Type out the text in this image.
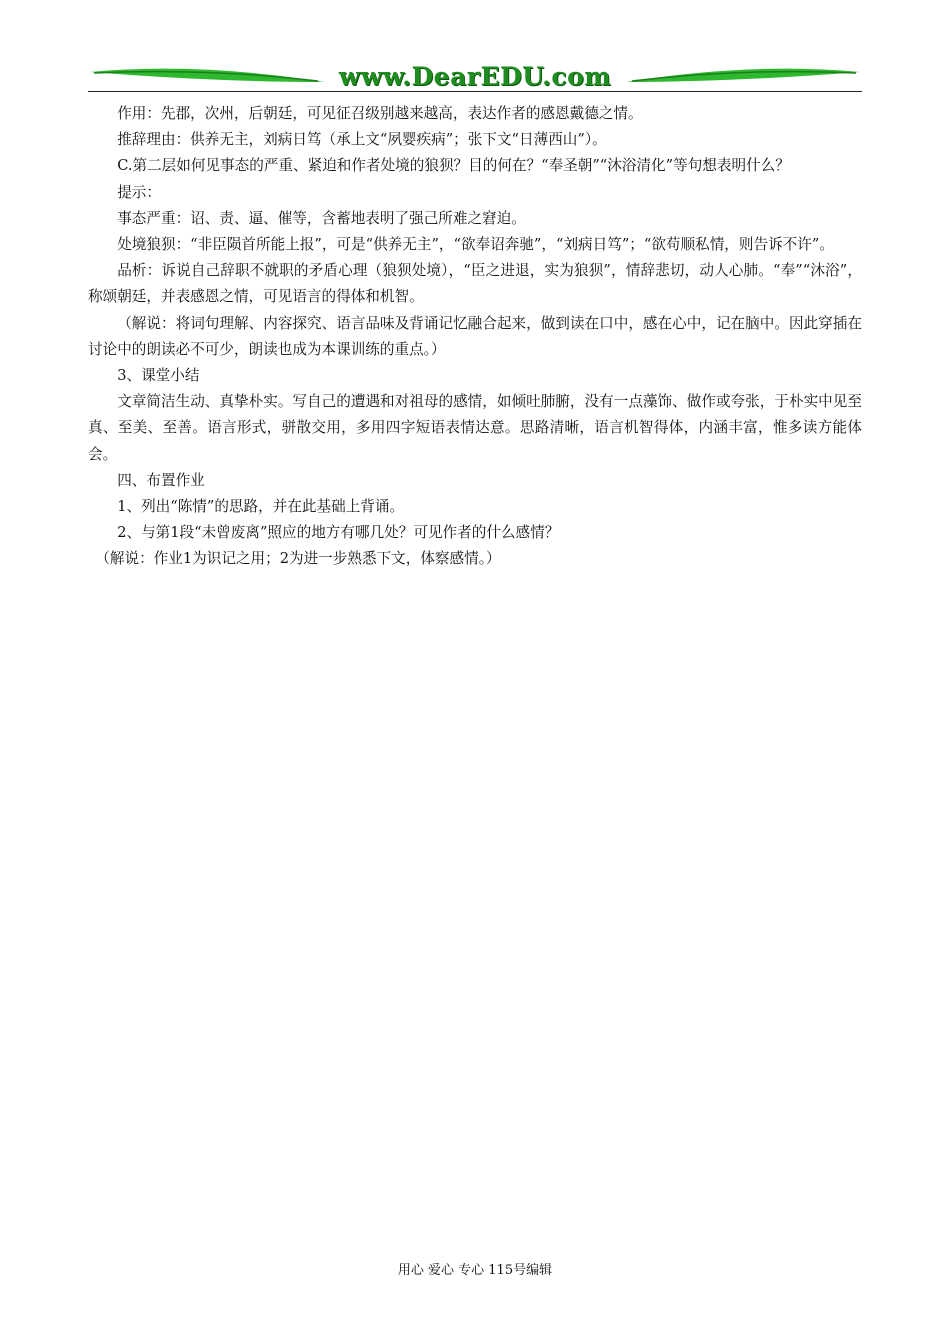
www.DearEDU.com

作用：先郡，次州，后朝廷，可见征召级别越来越高，表达作者的感恩戴德之情。

推辞理由：供养无主，刘病日笃（承上文“夙婴疾病”；张下文“日薄西山”）。

C.第二层如何见事态的严重、紧迫和作者处境的狼狈？目的何在？“奉圣朝”“沐浴清化”等句想表明什么？

提示：

事态严重：诏、责、逼、催等，含蓄地表明了强己所难之窘迫。

处境狼狈：“非臣陨首所能上报”，可是“供养无主”，“欲奉诏奔驰”，“刘病日笃”；“欲苟顺私情，则告诉不许”。

品析：诉说自己辞职不就职的矛盾心理（狼狈处境），“臣之进退，实为狼狈”，情辞悲切，动人心肺。“奉”“沐浴”，称颂朝廷，并表感恩之情，可见语言的得体和机智。

（解说：将词句理解、内容探究、语言品味及背诵记忆融合起来，做到读在口中，感在心中，记在脑中。因此穿插在讨论中的朗读必不可少，朗读也成为本课训练的重点。）

3、课堂小结

文章简洁生动、真挚朴实。写自己的遭遇和对祖母的感情，如倾吐肺腑，没有一点藻饰、做作或夸张，于朴实中见至真、至美、至善。语言形式，骈散交用，多用四字短语表情达意。思路清晰，语言机智得体，内涵丰富，惟多读方能体会。

四、布置作业

1、列出“陈情”的思路，并在此基础上背诵。

2、与第1段“未曾废离”照应的地方有哪几处？可见作者的什么感情？

（解说：作业1为识记之用；2为进一步熟悉下文，体察感情。）

用心 爱心 专心 115号编辑
